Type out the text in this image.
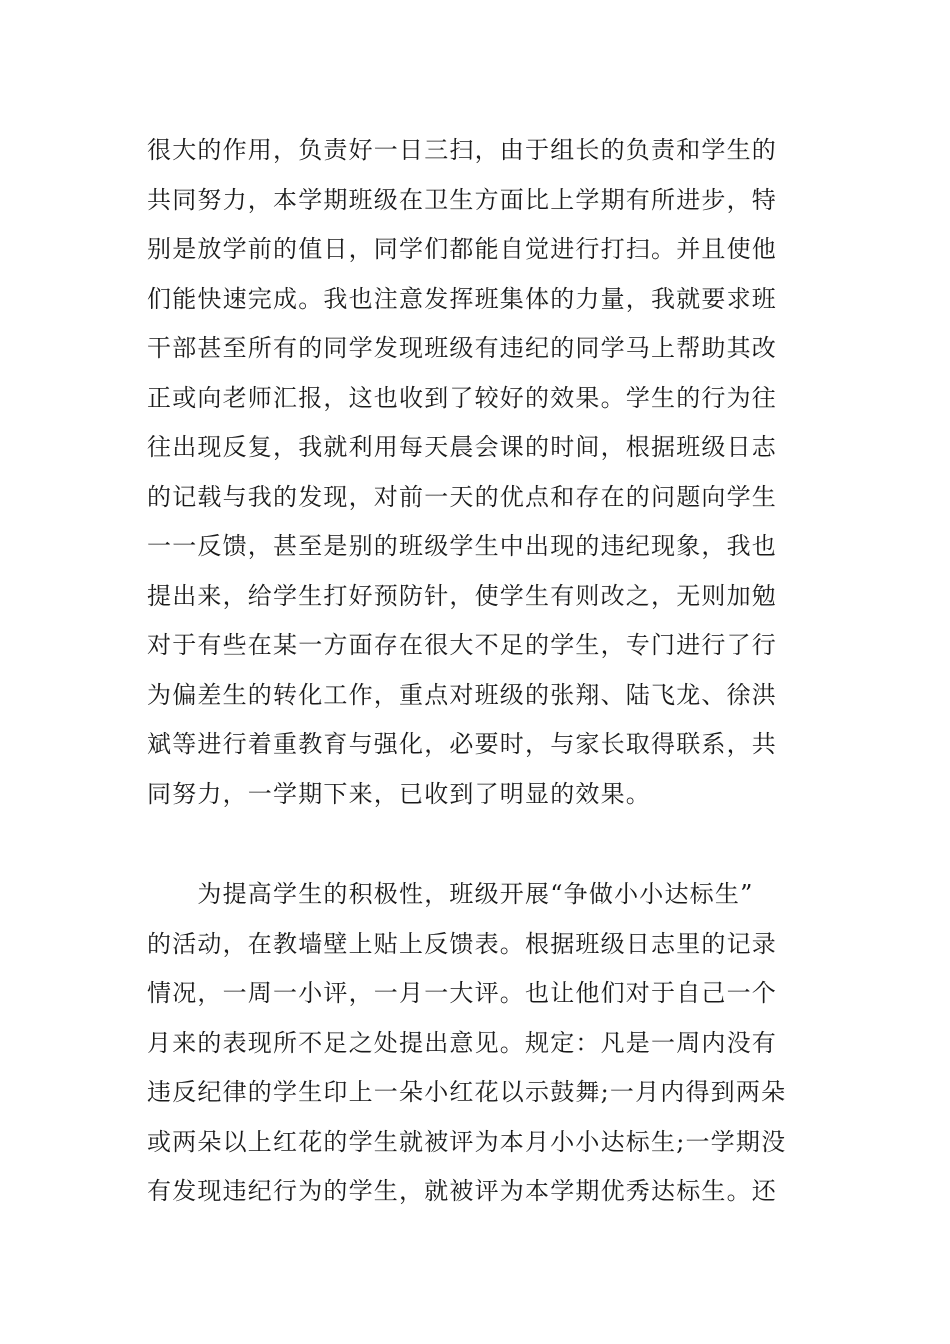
很大的作用，负责好一日三扫，由于组长的负责和学生的
共同努力，本学期班级在卫生方面比上学期有所进步，特
别是放学前的值日，同学们都能自觉进行打扫。并且使他
们能快速完成。我也注意发挥班集体的力量，我就要求班
干部甚至所有的同学发现班级有违纪的同学马上帮助其改
正或向老师汇报，这也收到了较好的效果。学生的行为往
往出现反复，我就利用每天晨会课的时间，根据班级日志
的记载与我的发现，对前一天的优点和存在的问题向学生
一一反馈，甚至是别的班级学生中出现的违纪现象，我也
提出来，给学生打好预防针，使学生有则改之，无则加勉
对于有些在某一方面存在很大不足的学生，专门进行了行
为偏差生的转化工作，重点对班级的张翔、陆飞龙、徐洪
斌等进行着重教育与强化，必要时，与家长取得联系，共
同努力，一学期下来，已收到了明显的效果。
　　为提高学生的积极性，班级开展“争做小小达标生”
的活动，在教墙壁上贴上反馈表。根据班级日志里的记录
情况，一周一小评，一月一大评。也让他们对于自己一个
月来的表现所不足之处提出意见。规定：凡是一周内没有
违反纪律的学生印上一朵小红花以示鼓舞;一月内得到两朵
或两朵以上红花的学生就被评为本月小小达标生;一学期没
有发现违纪行为的学生，就被评为本学期优秀达标生。还
